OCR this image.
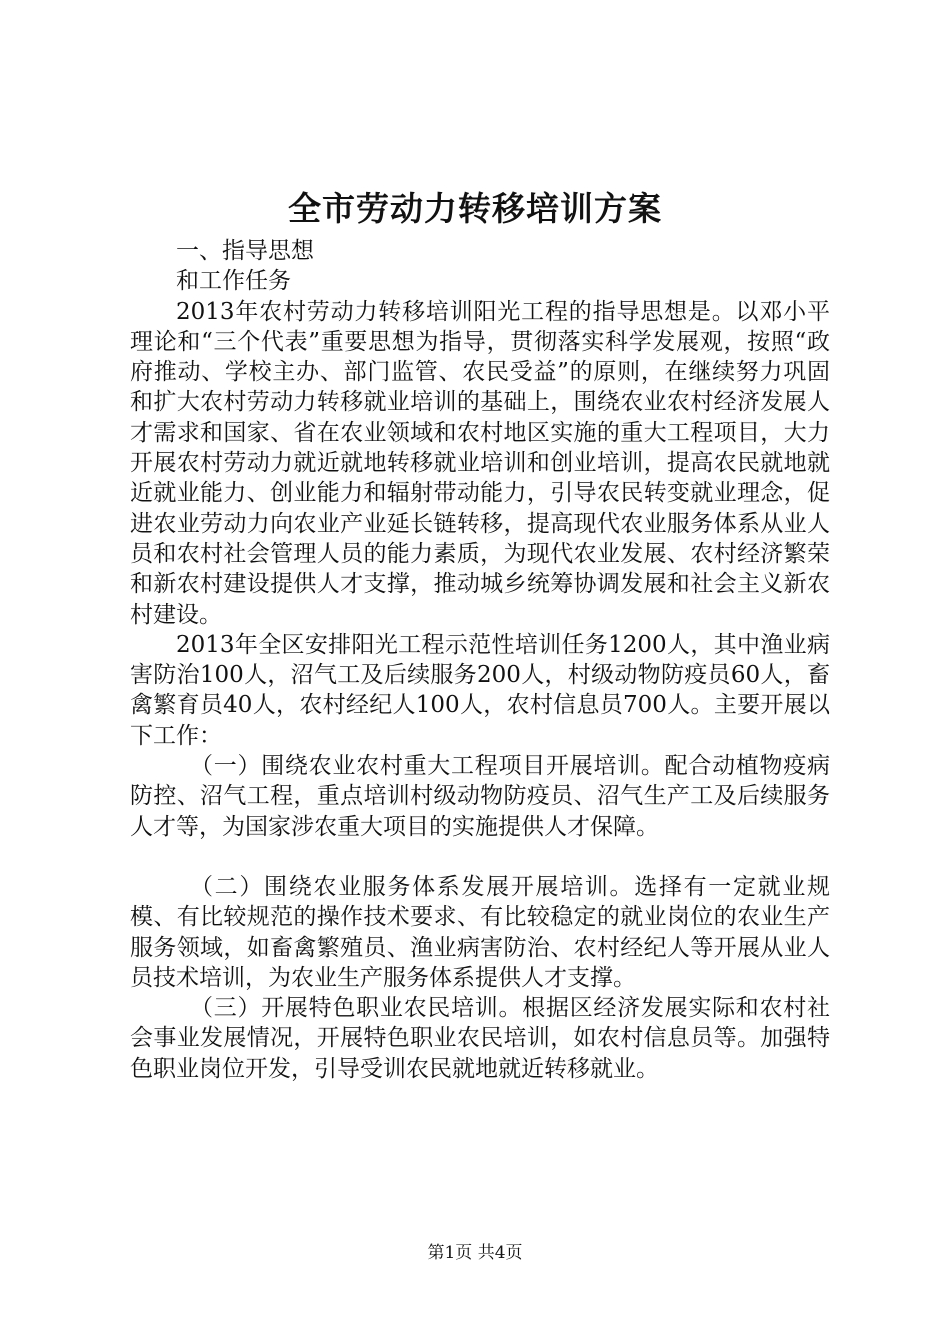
全市劳动力转移培训方案

一、指导思想

和工作任务

2013年农村劳动力转移培训阳光工程的指导思想是。以邓小平理论和“三个代表”重要思想为指导，贯彻落实科学发展观，按照“政府推动、学校主办、部门监管、农民受益”的原则，在继续努力巩固和扩大农村劳动力转移就业培训的基础上，围绕农业农村经济发展人才需求和国家、省在农业领域和农村地区实施的重大工程项目，大力开展农村劳动力就近就地转移就业培训和创业培训，提高农民就地就近就业能力、创业能力和辐射带动能力，引导农民转变就业理念，促进农业劳动力向农业产业延长链转移，提高现代农业服务体系从业人员和农村社会管理人员的能力素质，为现代农业发展、农村经济繁荣和新农村建设提供人才支撑，推动城乡统筹协调发展和社会主义新农村建设。

2013年全区安排阳光工程示范性培训任务1200人，其中渔业病害防治100人，沼气工及后续服务200人，村级动物防疫员60人，畜禽繁育员40人，农村经纪人100人，农村信息员700人。主要开展以下工作：

（一）围绕农业农村重大工程项目开展培训。配合动植物疫病防控、沼气工程，重点培训村级动物防疫员、沼气生产工及后续服务人才等，为国家涉农重大项目的实施提供人才保障。

（二）围绕农业服务体系发展开展培训。选择有一定就业规模、有比较规范的操作技术要求、有比较稳定的就业岗位的农业生产服务领域，如畜禽繁殖员、渔业病害防治、农村经纪人等开展从业人员技术培训，为农业生产服务体系提供人才支撑。

（三）开展特色职业农民培训。根据区经济发展实际和农村社会事业发展情况，开展特色职业农民培训，如农村信息员等。加强特色职业岗位开发，引导受训农民就地就近转移就业。

第1页 共4页
